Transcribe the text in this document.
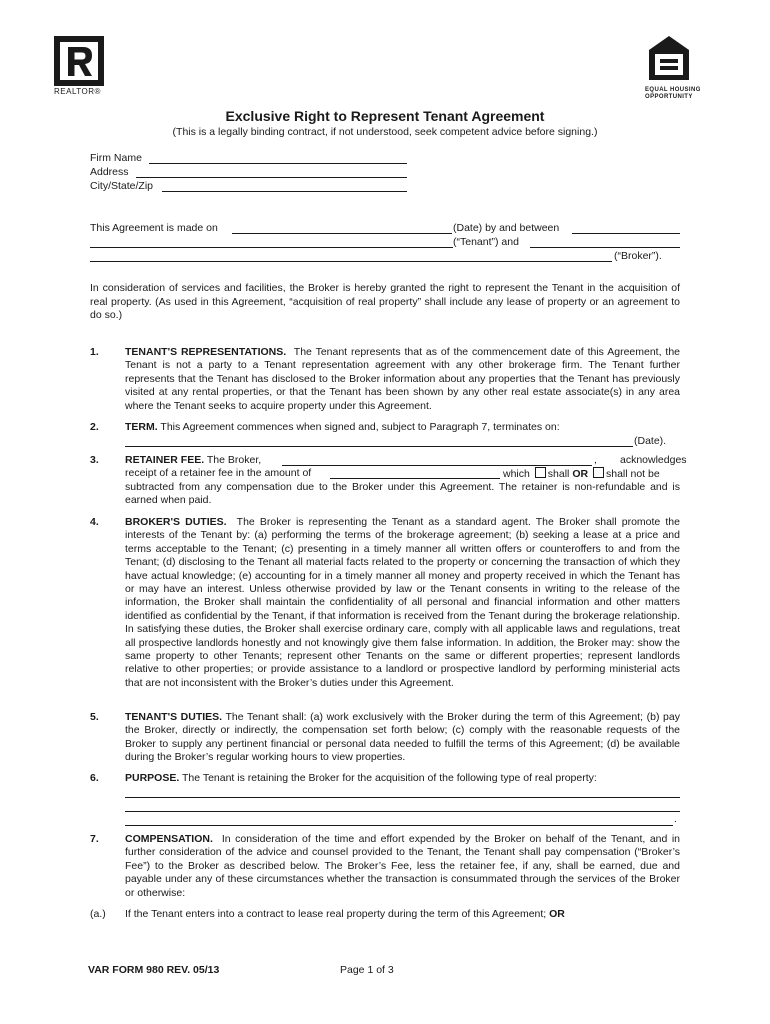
REALTOR®	EQUAL HOUSING
OPPORTUNITY
Exclusive Right to Represent Tenant Agreement
(This is a legally binding contract, if not understood, seek competent advice before signing.)
Firm Name
Address
City/State/Zip
This Agreement is made on	(Date) by and between
(“Tenant”) and
(“Broker”).
In consideration of services and facilities, the Broker is hereby granted the right to represent the Tenant in the acquisition of real property. (As used in this Agreement, “acquisition of real property” shall include any lease of property or an agreement to do so.)
1. TENANT'S REPRESENTATIONS. The Tenant represents that as of the commencement date of this Agreement, the Tenant is not a party to a Tenant representation agreement with any other brokerage firm. The Tenant further represents that the Tenant has disclosed to the Broker information about any properties that the Tenant has previously visited at any rental properties, or that the Tenant has been shown by any other real estate associate(s) in any area where the Tenant seeks to acquire property under this Agreement.
2. TERM. This Agreement commences when signed and, subject to Paragraph 7, terminates on:
(Date).
3. RETAINER FEE. The Broker,	, acknowledges
receipt of a retainer fee in the amount of	which shall OR shall not be
subtracted from any compensation due to the Broker under this Agreement. The retainer is non-refundable and is earned when paid.
4. BROKER'S DUTIES. The Broker is representing the Tenant as a standard agent. The Broker shall promote the interests of the Tenant by: (a) performing the terms of the brokerage agreement; (b) seeking a lease at a price and terms acceptable to the Tenant; (c) presenting in a timely manner all written offers or counteroffers to and from the Tenant; (d) disclosing to the Tenant all material facts related to the property or concerning the transaction of which they have actual knowledge; (e) accounting for in a timely manner all money and property received in which the Tenant has or may have an interest. Unless otherwise provided by law or the Tenant consents in writing to the release of the information, the Broker shall maintain the confidentiality of all personal and financial information and other matters identified as confidential by the Tenant, if that information is received from the Tenant during the brokerage relationship. In satisfying these duties, the Broker shall exercise ordinary care, comply with all applicable laws and regulations, treat all prospective landlords honestly and not knowingly give them false information. In addition, the Broker may: show the same property to other Tenants; represent other Tenants on the same or different properties; represent landlords relative to other properties; or provide assistance to a landlord or prospective landlord by performing ministerial acts that are not inconsistent with the Broker’s duties under this Agreement.
5. TENANT'S DUTIES. The Tenant shall: (a) work exclusively with the Broker during the term of this Agreement; (b) pay the Broker, directly or indirectly, the compensation set forth below; (c) comply with the reasonable requests of the Broker to supply any pertinent financial or personal data needed to fulfill the terms of this Agreement; (d) be available during the Broker’s regular working hours to view properties.
6. PURPOSE. The Tenant is retaining the Broker for the acquisition of the following type of real property:
.
7. COMPENSATION. In consideration of the time and effort expended by the Broker on behalf of the Tenant, and in further consideration of the advice and counsel provided to the Tenant, the Tenant shall pay compensation (“Broker’s Fee”) to the Broker as described below. The Broker’s Fee, less the retainer fee, if any, shall be earned, due and payable under any of these circumstances whether the transaction is consummated through the services of the Broker or otherwise:
(a.) If the Tenant enters into a contract to lease real property during the term of this Agreement; OR
VAR FORM 980 REV. 05/13	Page 1 of 3
